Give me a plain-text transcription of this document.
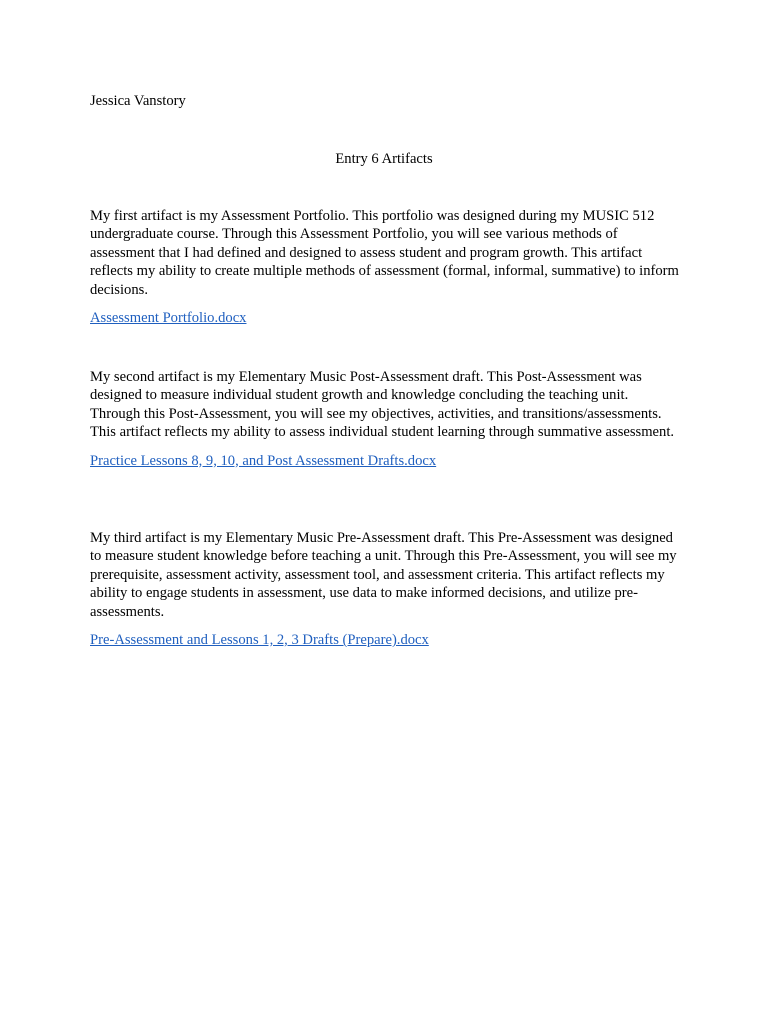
Jessica Vanstory

Entry 6 Artifacts

My first artifact is my Assessment Portfolio. This portfolio was designed during my MUSIC 512 undergraduate course. Through this Assessment Portfolio, you will see various methods of assessment that I had defined and designed to assess student and program growth. This artifact reflects my ability to create multiple methods of assessment (formal, informal, summative) to inform decisions.

Assessment Portfolio.docx

My second artifact is my Elementary Music Post-Assessment draft. This Post-Assessment was designed to measure individual student growth and knowledge concluding the teaching unit. Through this Post-Assessment, you will see my objectives, activities, and transitions/assessments. This artifact reflects my ability to assess individual student learning through summative assessment.

Practice Lessons 8, 9, 10, and Post Assessment Drafts.docx

My third artifact is my Elementary Music Pre-Assessment draft. This Pre-Assessment was designed to measure student knowledge before teaching a unit. Through this Pre-Assessment, you will see my prerequisite, assessment activity, assessment tool, and assessment criteria. This artifact reflects my ability to engage students in assessment, use data to make informed decisions, and utilize pre-assessments.

Pre-Assessment and Lessons 1, 2, 3 Drafts (Prepare).docx
